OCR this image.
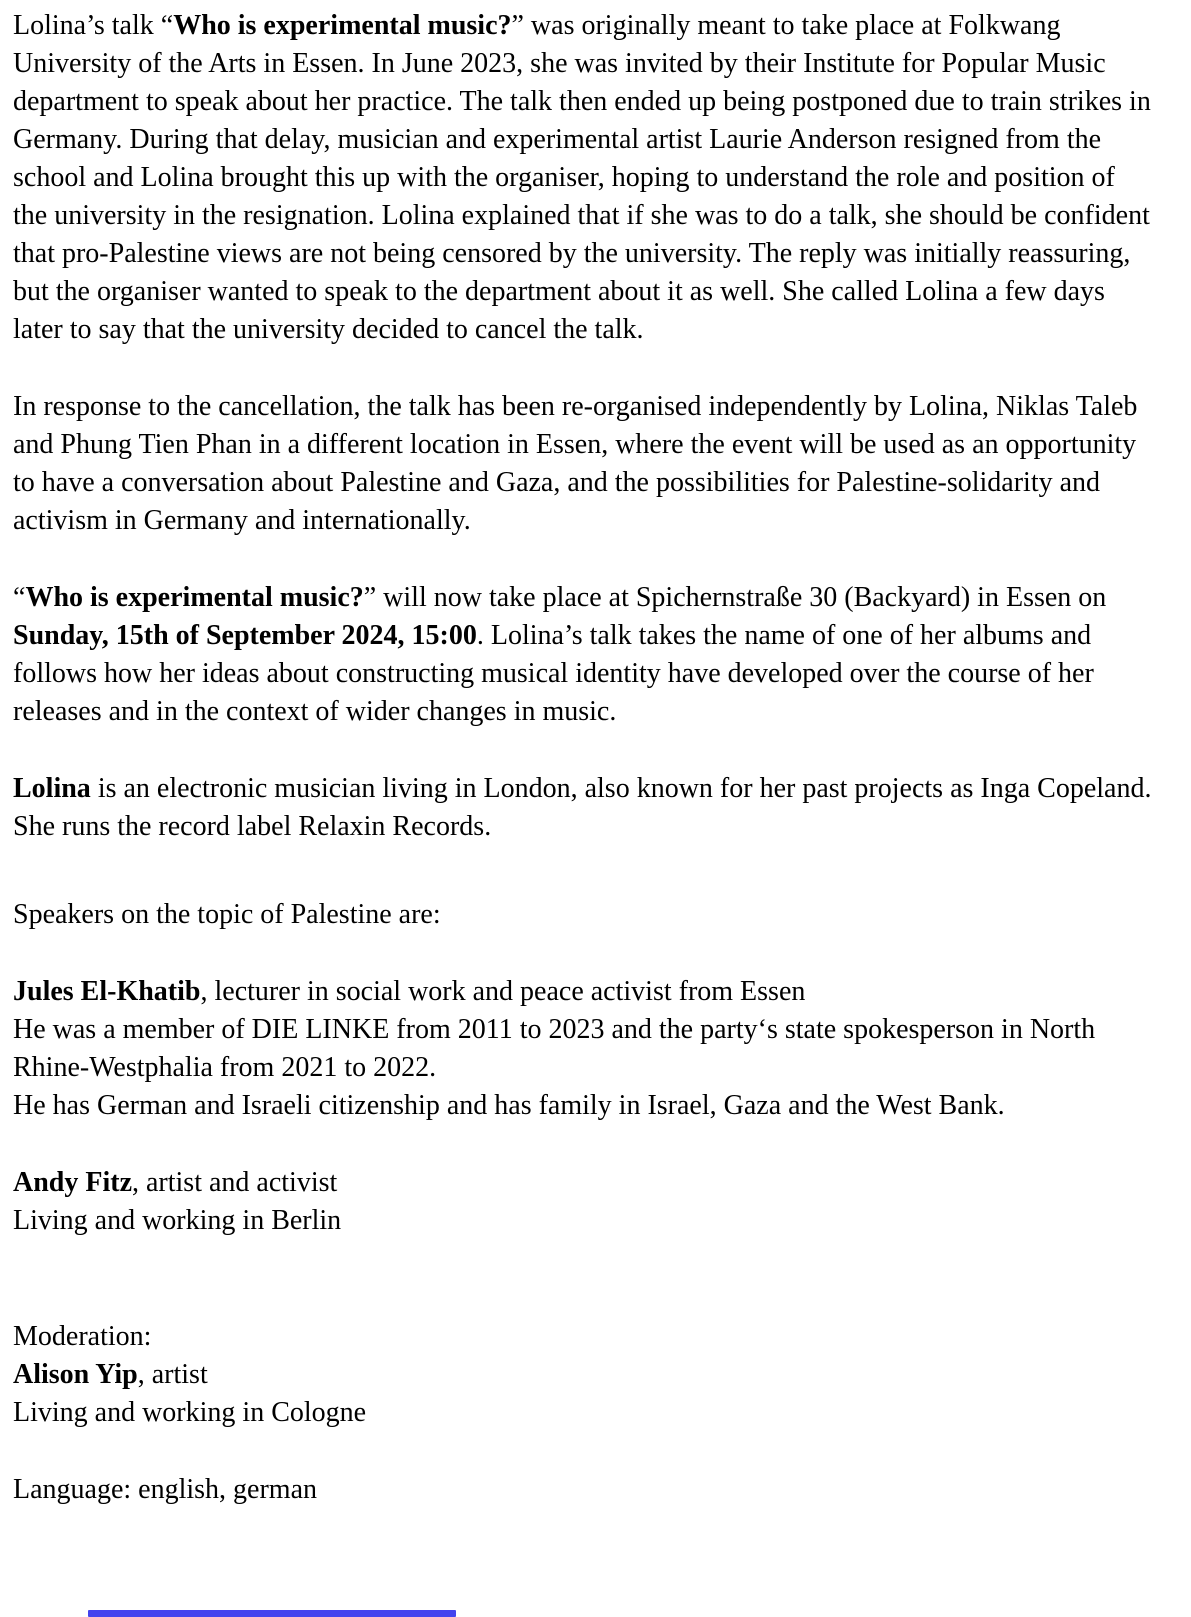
Lolina’s talk “Who is experimental music?” was originally meant to take place at Folkwang University of the Arts in Essen. In June 2023, she was invited by their Institute for Popular Music department to speak about her practice. The talk then ended up being postponed due to train strikes in Germany. During that delay, musician and experimental artist Laurie Anderson resigned from the school and Lolina brought this up with the organiser, hoping to understand the role and position of the university in the resignation. Lolina explained that if she was to do a talk, she should be confident that pro-Palestine views are not being censored by the university. The reply was initially reassuring, but the organiser wanted to speak to the department about it as well. She called Lolina a few days later to say that the university decided to cancel the talk.

In response to the cancellation, the talk has been re-organised independently by Lolina, Niklas Taleb and Phung Tien Phan in a different location in Essen, where the event will be used as an opportunity to have a conversation about Palestine and Gaza, and the possibilities for Palestine-solidarity and activism in Germany and internationally.

“Who is experimental music?” will now take place at Spichernstraße 30 (Backyard) in Essen on Sunday, 15th of September 2024, 15:00. Lolina’s talk takes the name of one of her albums and follows how her ideas about constructing musical identity have developed over the course of her releases and in the context of wider changes in music.

Lolina is an electronic musician living in London, also known for her past projects as Inga Copeland. She runs the record label Relaxin Records.

Speakers on the topic of Palestine are:

Jules El-Khatib, lecturer in social work and peace activist from Essen
He was a member of DIE LINKE from 2011 to 2023 and the party‘s state spokesperson in North Rhine-Westphalia from 2021 to 2022.
He has German and Israeli citizenship and has family in Israel, Gaza and the West Bank.

Andy Fitz, artist and activist
Living and working in Berlin

Moderation:
Alison Yip, artist
Living and working in Cologne

Language: english, german
